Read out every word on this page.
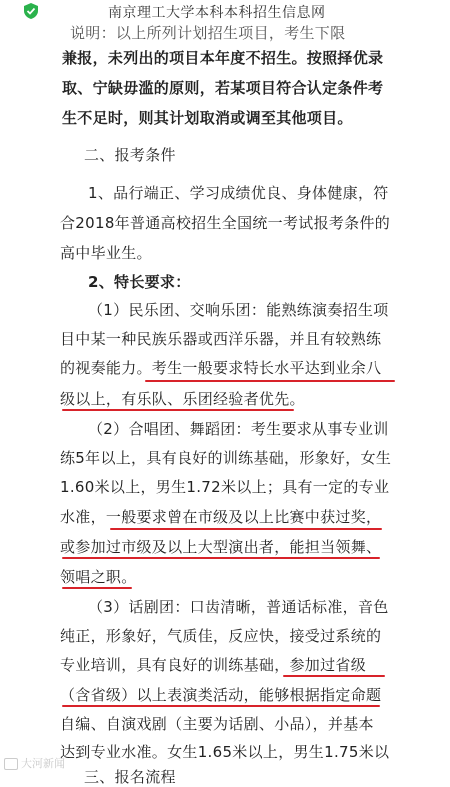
南京理工大学本科本科招生信息网
说明：以上所列计划招生项目，考生下限
兼报，未列出的项目本年度不招生。按照择优录
取、宁缺毋滥的原则，若某项目符合认定条件考
生不足时，则其计划取消或调至其他项目。
二、报考条件
1、品行端正、学习成绩优良、身体健康，符
合2018年普通高校招生全国统一考试报考条件的
高中毕业生。
2、特长要求：
（1）民乐团、交响乐团：能熟练演奏招生项
目中某一种民族乐器或西洋乐器，并且有较熟练
的视奏能力。考生一般要求特长水平达到业余八
级以上，有乐队、乐团经验者优先。
（2）合唱团、舞蹈团：考生要求从事专业训
练5年以上，具有良好的训练基础，形象好，女生
1.60米以上，男生1.72米以上；具有一定的专业
水准，一般要求曾在市级及以上比赛中获过奖，
或参加过市级及以上大型演出者，能担当领舞、
领唱之职。
（3）话剧团：口齿清晰，普通话标准，音色
纯正，形象好，气质佳，反应快，接受过系统的
专业培训，具有良好的训练基础，参加过省级
（含省级）以上表演类活动，能够根据指定命题
自编、自演戏剧（主要为话剧、小品），并基本
达到专业水准。女生1.65米以上，男生1.75米以
三、报名流程
大河新闻
